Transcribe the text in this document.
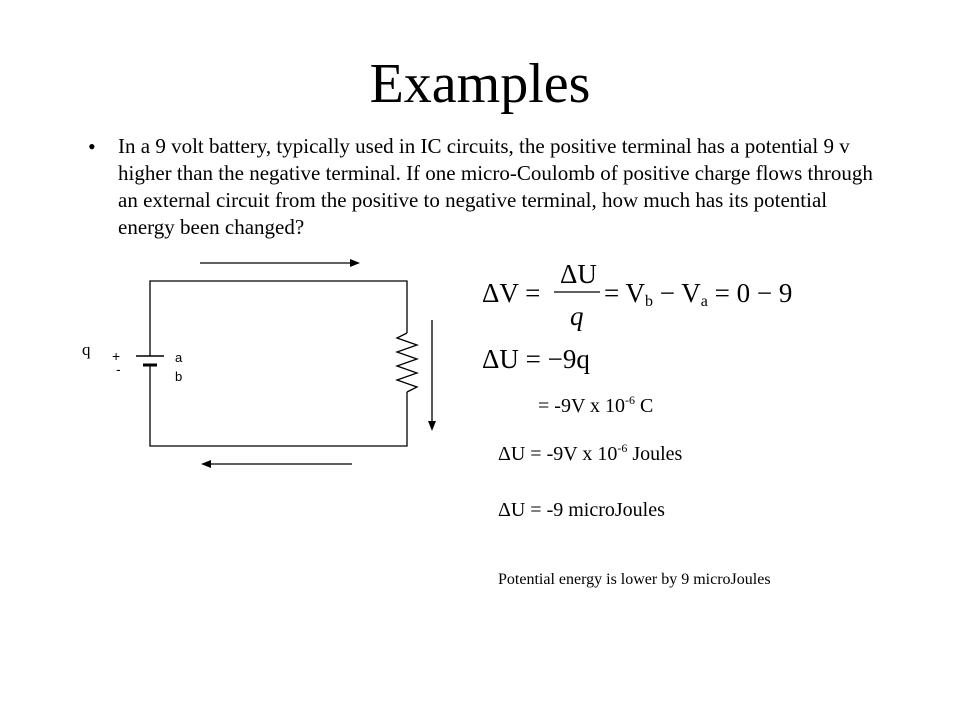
Examples
• In a 9 volt battery, typically used in IC circuits, the positive terminal has a potential 9 v higher than the negative terminal. If one micro-Coulomb of positive charge flows through an external circuit from the positive to negative terminal, how much has its potential energy been changed?
q +
-
a
b
ΔV =
ΔU
q
= Vb − Va = 0 − 9
ΔU = −9q
= -9V x $10^{-6}$ C
ΔU = -9V x $10^{-6}$ Joules
ΔU = -9 microJoules
Potential energy is lower by 9 microJoules
